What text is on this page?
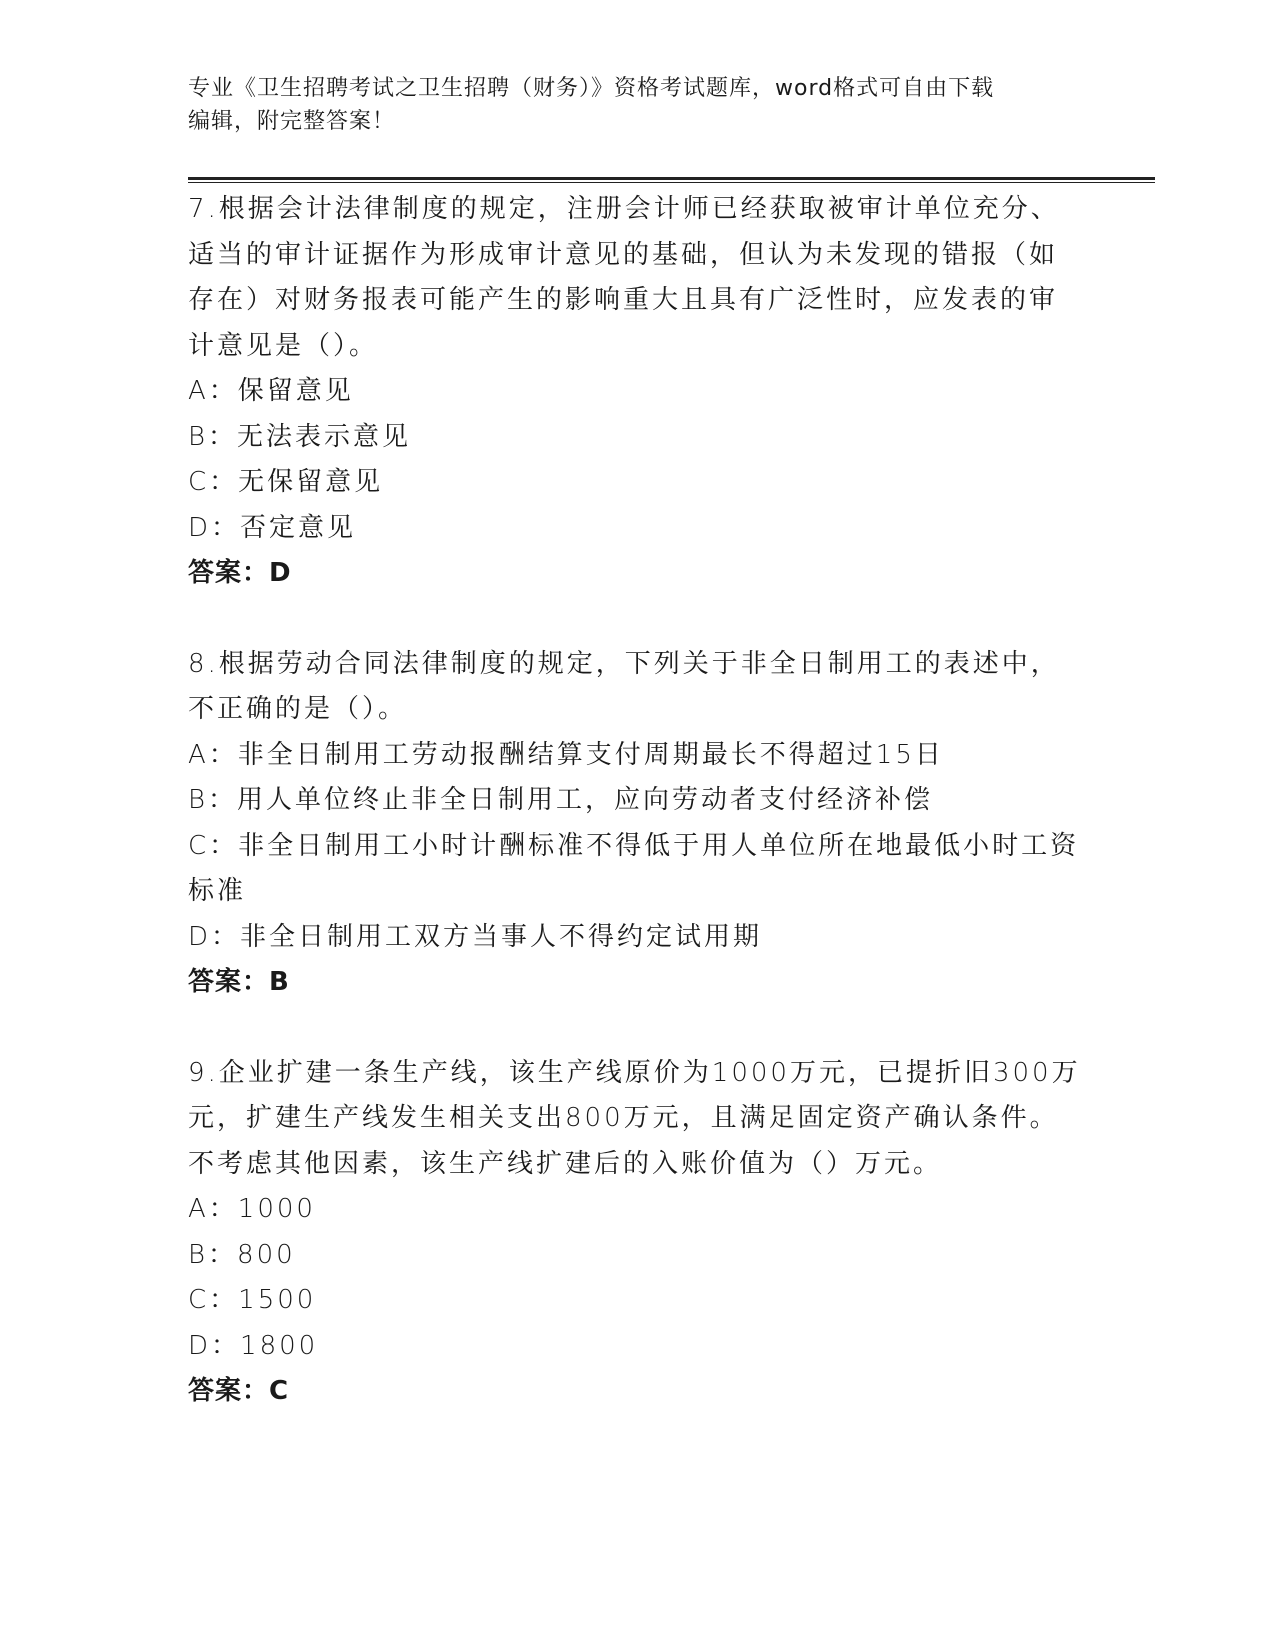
专业《卫生招聘考试之卫生招聘（财务）》资格考试题库，word格式可自由下载
编辑，附完整答案！

7.根据会计法律制度的规定，注册会计师已经获取被审计单位充分、

适当的审计证据作为形成审计意见的基础，但认为未发现的错报（如

存在）对财务报表可能产生的影响重大且具有广泛性时，应发表的审

计意见是（）。

A：保留意见

B：无法表示意见

C：无保留意见

D：否定意见

答案：D

8.根据劳动合同法律制度的规定，下列关于非全日制用工的表述中，

不正确的是（）。

A：非全日制用工劳动报酬结算支付周期最长不得超过15日

B：用人单位终止非全日制用工，应向劳动者支付经济补偿

C：非全日制用工小时计酬标准不得低于用人单位所在地最低小时工资

标准

D：非全日制用工双方当事人不得约定试用期

答案：B

9.企业扩建一条生产线，该生产线原价为1000万元，已提折旧300万

元，扩建生产线发生相关支出800万元，且满足固定资产确认条件。

不考虑其他因素，该生产线扩建后的入账价值为（）万元。

A：1000

B：800

C：1500

D：1800

答案：C
